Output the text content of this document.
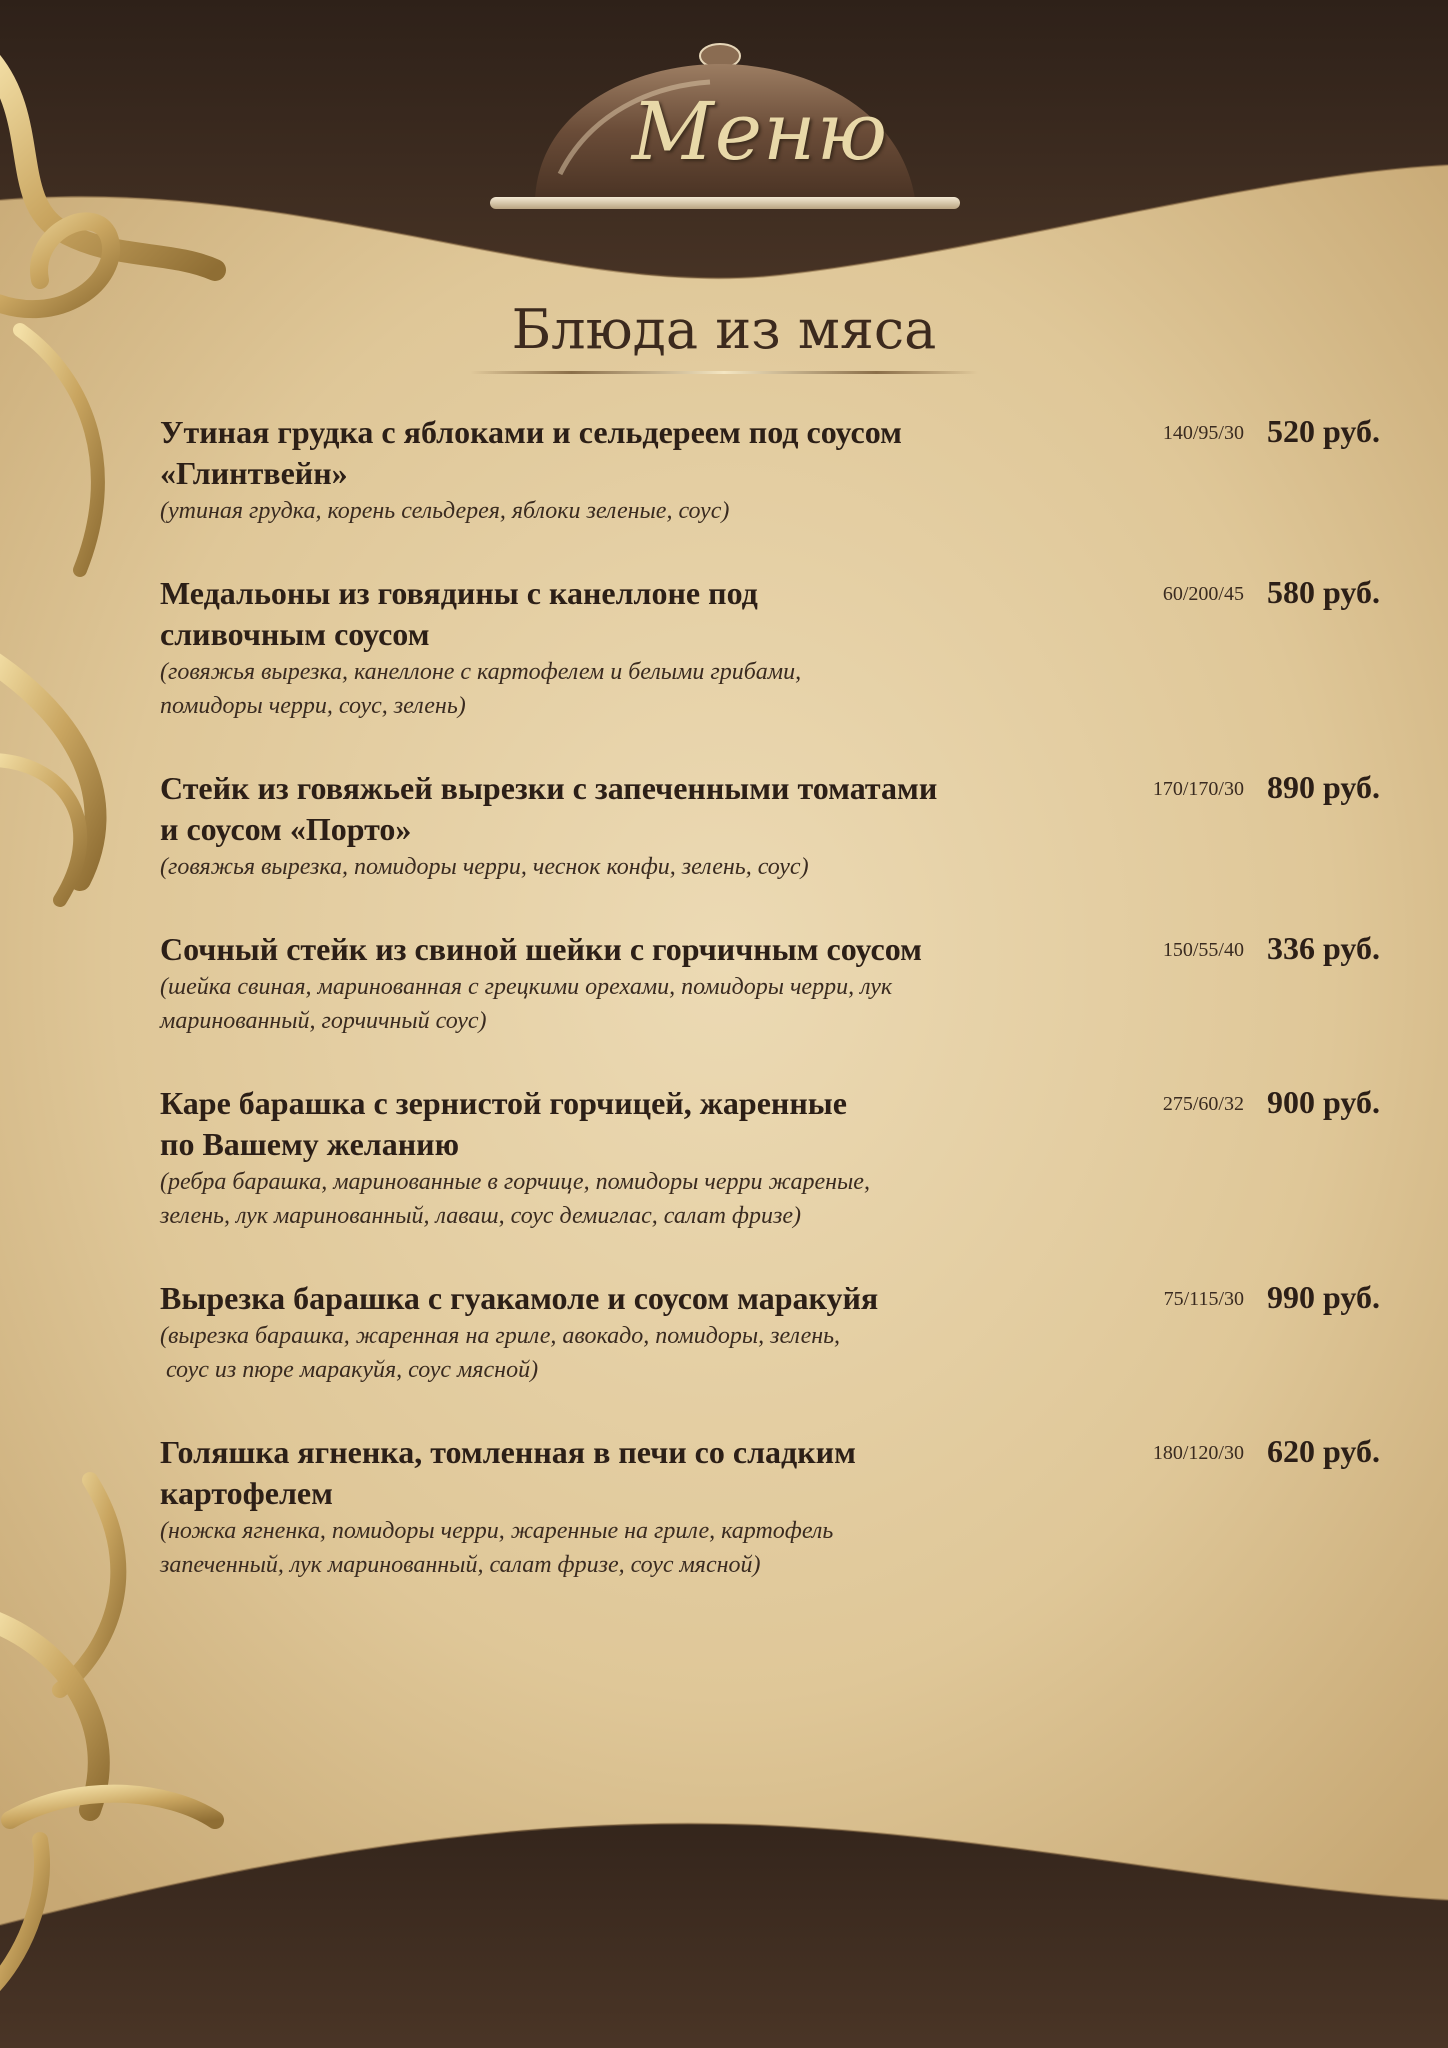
Меню
Блюда из мяса
Утиная грудка с яблоками и сельдереем под соусом
«Глинтвейн»
(утиная грудка, корень сельдерея, яблоки зеленые, соус)
140/95/30 520 руб.
Медальоны из говядины с канеллоне под
сливочным соусом
(говяжья вырезка, канеллоне с картофелем и белыми грибами,
помидоры черри, соус, зелень)
60/200/45 580 руб.
Стейк из говяжьей вырезки с запеченными томатами
и соусом «Порто»
(говяжья вырезка, помидоры черри, чеснок конфи, зелень, соус)
170/170/30 890 руб.
Сочный стейк из свиной шейки с горчичным соусом
(шейка свиная, маринованная с грецкими орехами, помидоры черри, лук
маринованный, горчичный соус)
150/55/40 336 руб.
Каре барашка с зернистой горчицей, жаренные
по Вашему желанию
(ребра барашка, маринованные в горчице, помидоры черри жареные,
зелень, лук маринованный, лаваш, соус демиглас, салат фризе)
275/60/32 900 руб.
Вырезка барашка с гуакамоле и соусом маракуйя
(вырезка барашка, жаренная на гриле, авокадо, помидоры, зелень,
соус из пюре маракуйя, соус мясной)
75/115/30 990 руб.
Голяшка ягненка, томленная в печи со сладким
картофелем
(ножка ягненка, помидоры черри, жаренные на гриле, картофель
запеченный, лук маринованный, салат фризе, соус мясной)
180/120/30 620 руб.
